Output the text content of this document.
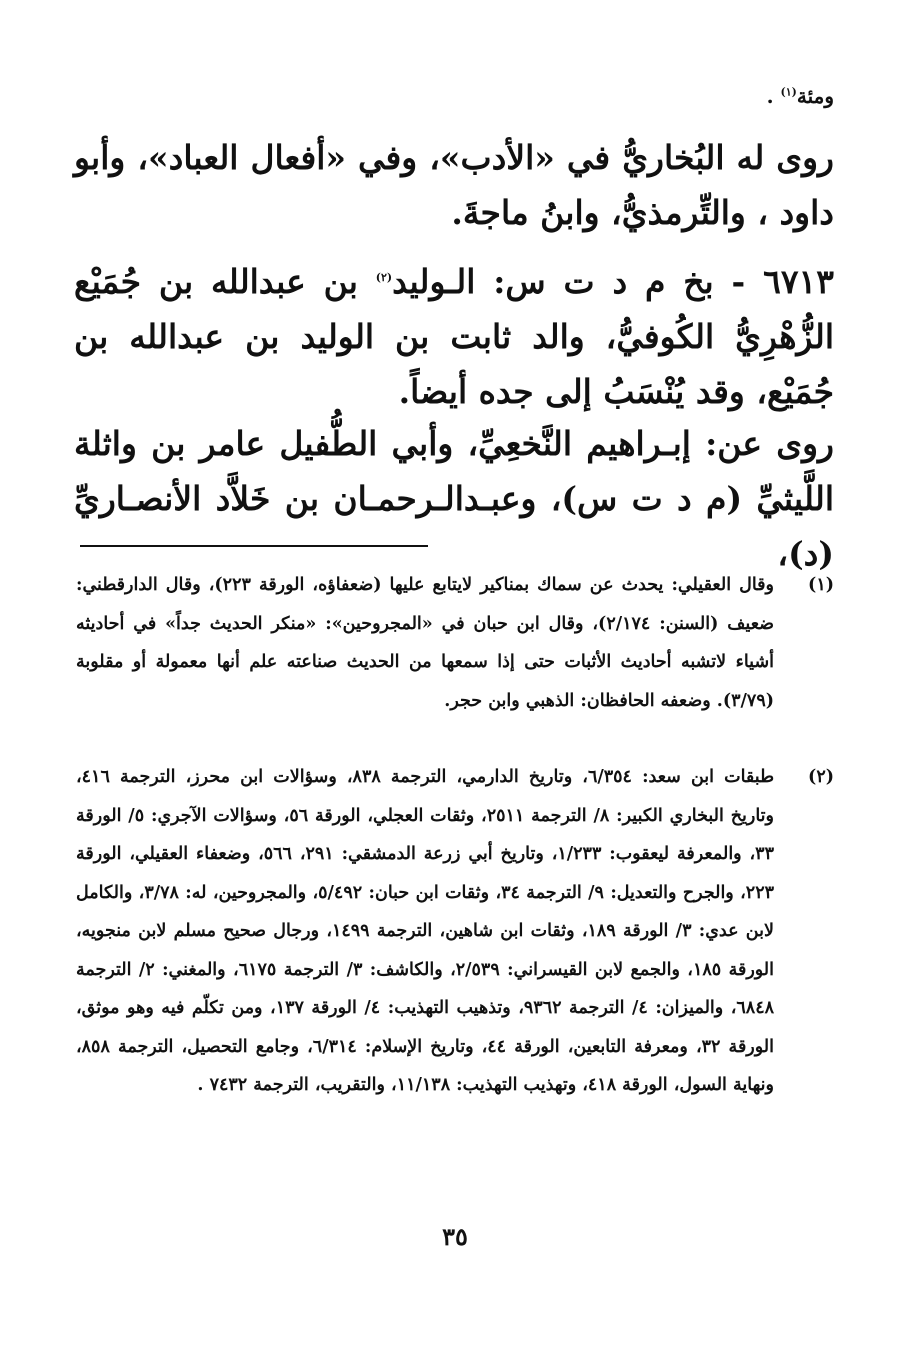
ومئة$^{(١)}$ .
روى له البُخاريُّ في «الأدب»، وفي «أفعال العباد»، وأبو داود ، والتِّرمذيُّ، وابنُ ماجةَ.
٦٧١٣ - بخ م د ت س: الـوليد$^{(٢)}$ بن عبدالله بن جُمَيْع الزُّهْرِيُّ الكُوفيُّ، والد ثابت بن الوليد بن عبدالله بن جُمَيْع، وقد يُنْسَبُ إلى جده أيضاً.
روى عن: إبـراهيم النَّخعِيِّ، وأبي الطُّفيل عامر بن واثلة اللَّيثيِّ (م د ت س)، وعبـدالـرحمـان بن خَلاَّد الأنصـاريِّ (د)،
(١)
وقال العقيلي: يحدث عن سماك بمناكير لايتابع عليها (ضعفاؤه، الورقة ٢٢٣)، وقال الدارقطني: ضعيف (السنن: ٢/١٧٤)، وقال ابن حبان في «المجروحين»: «منكر الحديث جداً» في أحاديثه أشياء لاتشبه أحاديث الأثبات حتى إذا سمعها من الحديث صناعته علم أنها معمولة أو مقلوبة (٣/٧٩). وضعفه الحافظان: الذهبي وابن حجر.
(٢)
طبقات ابن سعد: ٦/٣٥٤، وتاريخ الدارمي، الترجمة ٨٣٨، وسؤالات ابن محرز، الترجمة ٤١٦، وتاريخ البخاري الكبير: ٨/ الترجمة ٢٥١١، وثقات العجلي، الورقة ٥٦، وسؤالات الآجري: ٥/ الورقة ٣٣، والمعرفة ليعقوب: ١/٢٣٣، وتاريخ أبي زرعة الدمشقي: ٢٩١، ٥٦٦، وضعفاء العقيلي، الورقة ٢٢٣، والجرح والتعديل: ٩/ الترجمة ٣٤، وثقات ابن حبان: ٥/٤٩٢، والمجروحين، له: ٣/٧٨، والكامل لابن عدي: ٣/ الورقة ١٨٩، وثقات ابن شاهين، الترجمة ١٤٩٩، ورجال صحيح مسلم لابن منجويه، الورقة ١٨٥، والجمع لابن القيسراني: ٢/٥٣٩، والكاشف: ٣/ الترجمة ٦١٧٥، والمغني: ٢/ الترجمة ٦٨٤٨، والميزان: ٤/ الترجمة ٩٣٦٢، وتذهيب التهذيب: ٤/ الورقة ١٣٧، ومن تكلّم فيه وهو موثق، الورقة ٣٢، ومعرفة التابعين، الورقة ٤٤، وتاريخ الإسلام: ٦/٣١٤، وجامع التحصيل، الترجمة ٨٥٨، ونهاية السول، الورقة ٤١٨، وتهذيب التهذيب: ١١/١٣٨، والتقريب، الترجمة ٧٤٣٢ .
٣٥
